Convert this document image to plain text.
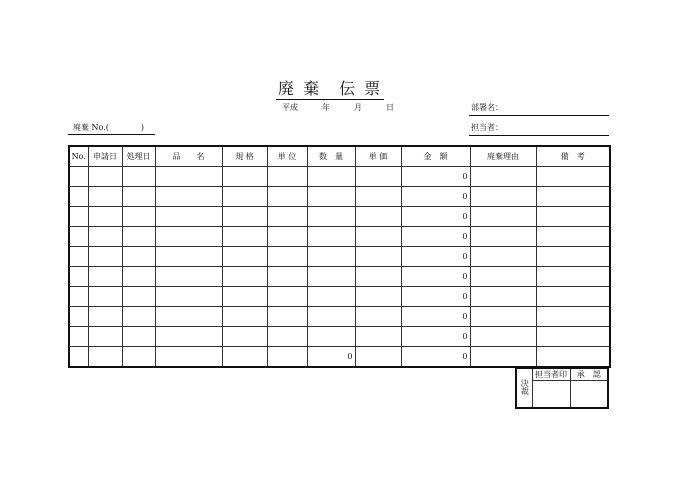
廃 棄　伝 票
平成　　　年　　　月　　　日	部署名：
廃棄 No.(　　　　)	担当者：
No.	申請日	処理日	品　　名	規 格	単 位	数　量	単 価	金　額	廃棄理由	備　考
								0		
								0		
								0		
								0		
								0		
								0		
								0		
								0		
								0		
						0		0		
決裁	担当者印	承　認
